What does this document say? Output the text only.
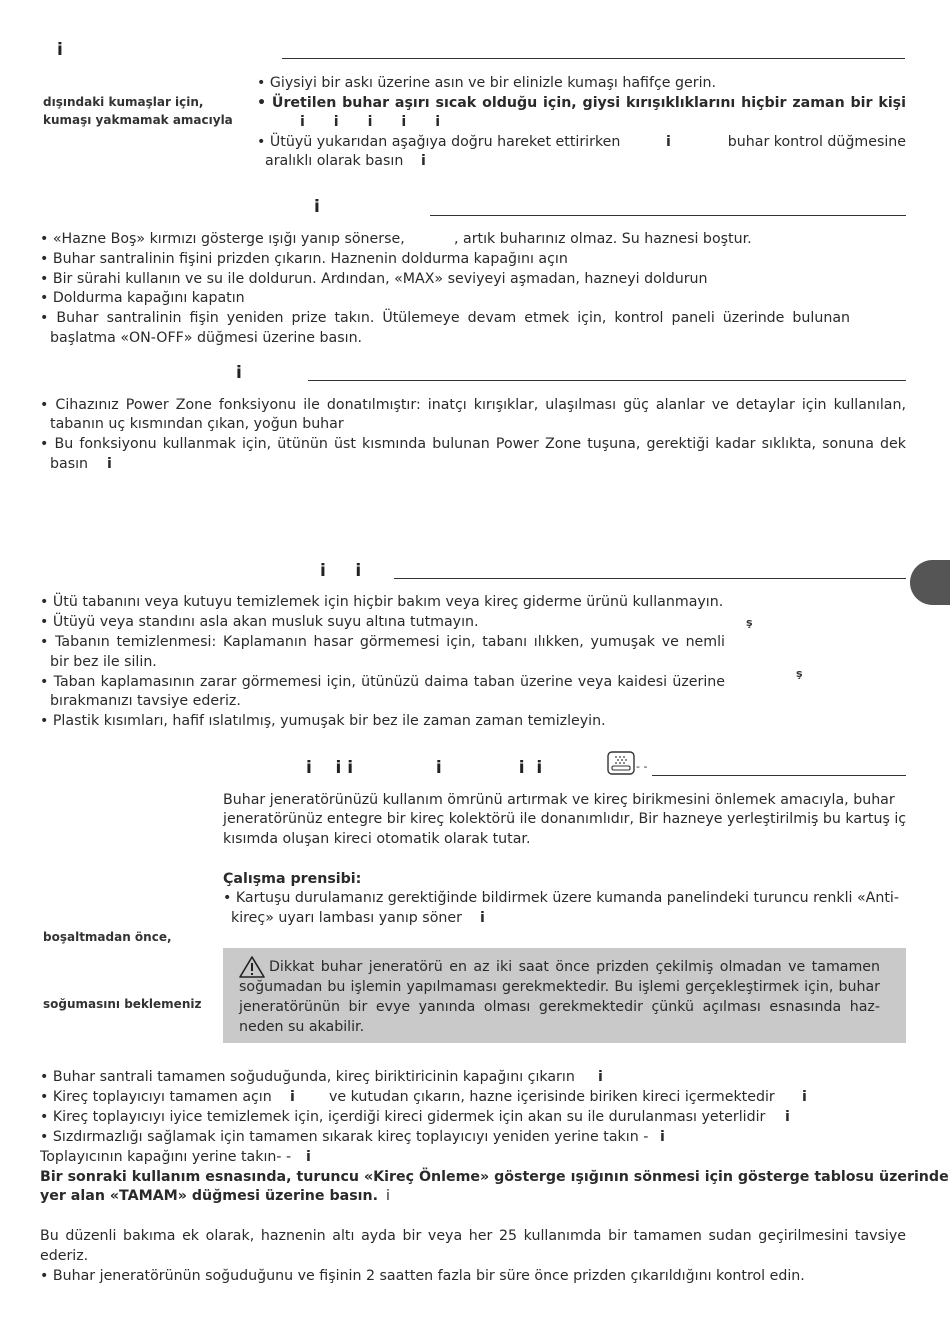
i
dışındaki kumaşlar için,
kumaşı yakmamak amacıyla
• Giysiyi bir askı üzerine asın ve bir elinizle kumaşı hafifçe gerin.
• Üretilen buhar aşırı sıcak olduğu için, giysi kırışıklıklarını hiçbir zaman bir kişi
i i i i i
• Ütüyü yukarıdan aşağıya doğru hareket ettirirken	i	buhar kontrol düğmesine
aralıklı olarak basın i
i
• «Hazne Boş» kırmızı gösterge ışığı yanıp sönerse,	, artık buharınız olmaz. Su haznesi boştur.
• Buhar santralinin fişini prizden çıkarın. Haznenin doldurma kapağını açın
• Bir sürahi kullanın ve su ile doldurun. Ardından, «MAX» seviyeyi aşmadan, hazneyi doldurun
• Doldurma kapağını kapatın
• Buhar santralinin fişin yeniden prize takın. Ütülemeye devam etmek için, kontrol paneli üzerinde bulunan
başlatma «ON-OFF» düğmesi üzerine basın.
i
• Cihazınız Power Zone fonksiyonu ile donatılmıştır: inatçı kırışıklar, ulaşılması güç alanlar ve detaylar için kullanılan,
tabanın uç kısmından çıkan, yoğun buhar
• Bu fonksiyonu kullanmak için, ütünün üst kısmında bulunan Power Zone tuşuna, gerektiği kadar sıklıkta, sonuna dek
basın i
i     i
• Ütü tabanını veya kutuyu temizlemek için hiçbir bakım veya kireç giderme ürünü kullanmayın.
• Ütüyü veya standını asla akan musluk suyu altına tutmayın.
• Tabanın temizlenmesi: Kaplamanın hasar görmemesi için, tabanı ılıkken, yumuşak ve nemli
bir bez ile silin.
• Taban kaplamasının zarar görmemesi için, ütünüzü daima taban üzerine veya kaidesi üzerine
bırakmanızı tavsiye ederiz.
• Plastik kısımları, hafif ıslatılmış, yumuşak bir bez ile zaman zaman temizleyin.
ş
ş
i    i i              i             i  i	- -
Buhar jeneratörünüzü kullanım ömrünü artırmak ve kireç birikmesini önlemek amacıyla, buhar
jeneratörünüz entegre bir kireç kolektörü ile donanımlıdır, Bir hazneye yerleştirilmiş bu kartuş iç
kısımda oluşan kireci otomatik olarak tutar.
Çalışma prensibi:
• Kartuşu durulamanız gerektiğinde bildirmek üzere kumanda panelindeki turuncu renkli «Anti-
kireç» uyarı lambası yanıp söner i
boşaltmadan önce,
soğumasını beklemeniz
Dikkat buhar jeneratörü en az iki saat önce prizden çekilmiş olmadan ve tamamen
soğumadan bu işlemin yapılmaması gerekmektedir. Bu işlemi gerçekleştirmek için, buhar
jeneratörünün bir evye yanında olması gerekmektedir çünkü açılması esnasında haz-
neden su akabilir.
• Buhar santrali tamamen soğuduğunda, kireç biriktiricinin kapağını çıkarın i
• Kireç toplayıcıyı tamamen açın i ve kutudan çıkarın, hazne içerisinde biriken kireci içermektedir i
• Kireç toplayıcıyı iyice temizlemek için, içerdiği kireci gidermek için akan su ile durulanması yeterlidir i
• Sızdırmazlığı sağlamak için tamamen sıkarak kireç toplayıcıyı yeniden yerine takın - i
Toplayıcının kapağını yerine takın- - i
Bir sonraki kullanım esnasında, turuncu «Kireç Önleme» gösterge ışığının sönmesi için gösterge tablosu üzerinde
yer alan «TAMAM» düğmesi üzerine basın. i
Bu düzenli bakıma ek olarak, haznenin altı ayda bir veya her 25 kullanımda bir tamamen sudan geçirilmesini tavsiye
ederiz.
• Buhar jeneratörünün soğuduğunu ve fişinin 2 saatten fazla bir süre önce prizden çıkarıldığını kontrol edin.
